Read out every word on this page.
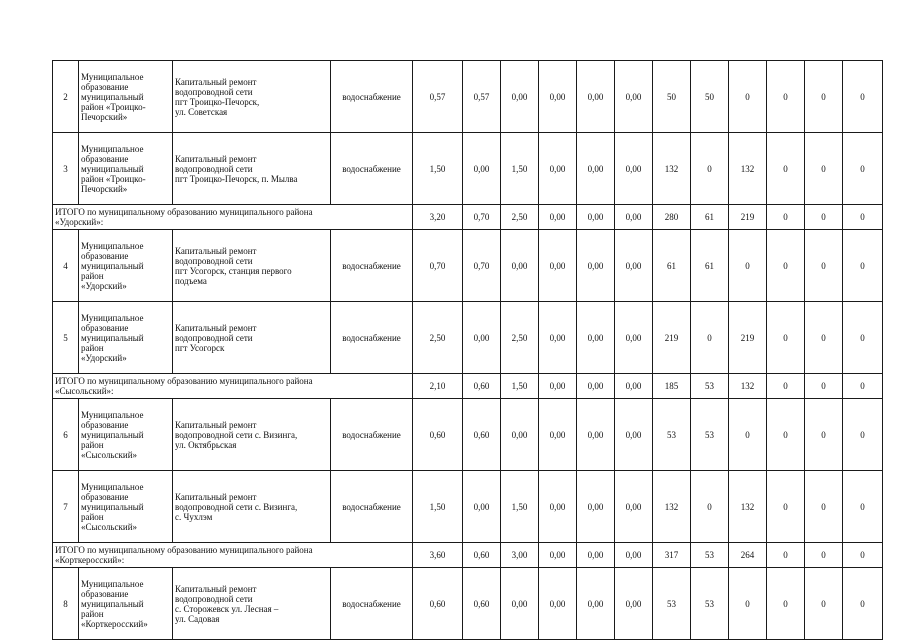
2	Муниципальное
образование
муниципальный
район «Троицко-
Печорский»	Капитальный ремонт
водопроводной сети
пгт Троицко-Печорск,
ул. Советская	водоснабжение	0,57	0,57	0,00	0,00	0,00	0,00	50	50	0	0	0	0
3	Муниципальное
образование
муниципальный
район «Троицко-
Печорский»	Капитальный ремонт
водопроводной сети
пгт Троицко-Печорск, п. Мылва	водоснабжение	1,50	0,00	1,50	0,00	0,00	0,00	132	0	132	0	0	0
ИТОГО по муниципальному образованию муниципального района
«Удорский»:				3,20	0,70	2,50	0,00	0,00	0,00	280	61	219	0	0	0
4	Муниципальное
образование
муниципальный
район
«Удорский»	Капитальный ремонт
водопроводной сети
пгт Усогорск, станция первого
подъема	водоснабжение	0,70	0,70	0,00	0,00	0,00	0,00	61	61	0	0	0	0
5	Муниципальное
образование
муниципальный
район
«Удорский»	Капитальный ремонт
водопроводной сети
пгт Усогорск	водоснабжение	2,50	0,00	2,50	0,00	0,00	0,00	219	0	219	0	0	0
ИТОГО по муниципальному образованию муниципального района
«Сысольский»:				2,10	0,60	1,50	0,00	0,00	0,00	185	53	132	0	0	0
6	Муниципальное
образование
муниципальный
район
«Сысольский»	Капитальный ремонт
водопроводной сети с. Визинга,
ул. Октябрьская	водоснабжение	0,60	0,60	0,00	0,00	0,00	0,00	53	53	0	0	0	0
7	Муниципальное
образование
муниципальный
район
«Сысольский»	Капитальный ремонт
водопроводной сети с. Визинга,
с. Чухлэм	водоснабжение	1,50	0,00	1,50	0,00	0,00	0,00	132	0	132	0	0	0
ИТОГО по муниципальному образованию муниципального района
«Корткеросский»:				3,60	0,60	3,00	0,00	0,00	0,00	317	53	264	0	0	0
8	Муниципальное
образование
муниципальный
район
«Корткеросский»	Капитальный ремонт
водопроводной сети
с. Сторожевск ул. Лесная –
ул. Садовая	водоснабжение	0,60	0,60	0,00	0,00	0,00	0,00	53	53	0	0	0	0
